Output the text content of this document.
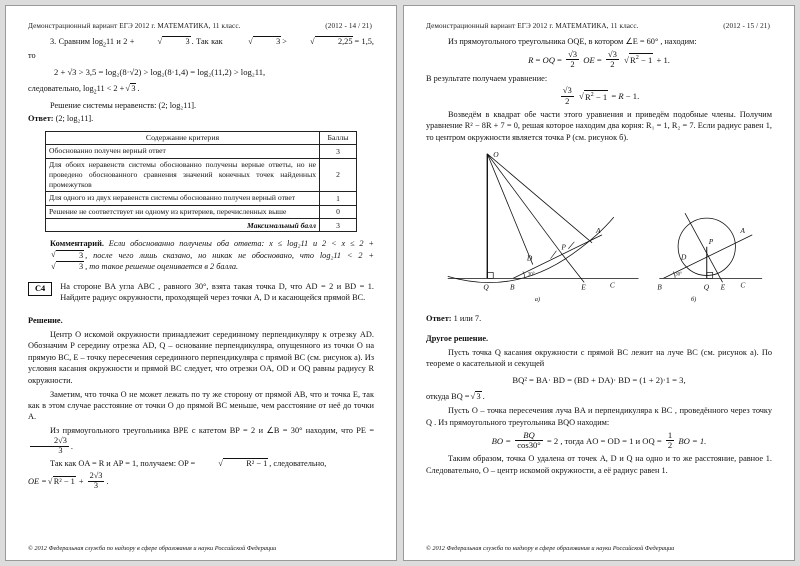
Демонстрационный вариант ЕГЭ 2012 г. МАТЕМАТИКА, 11 класс.	(2012 - 14 / 21)

3. Сравним $\log_211$ и 2 +	√ 3 . Так как	√ 3 >	√ 2,25 = 1,5, то

2 + √3 > 3,5 = log₂(8·√2) > log₂(8·1,4) = log₂(11,2) > log₂11,

следовательно, $\log_211 < 2$ + √ 3 .

Решение системы неравенств: (2; log₂11].

Ответ: (2; log₂11].

Содержание критерия	Баллы
Обоснованно получен верный ответ	3
Для обоих неравенств системы обоснованно получены верные ответы, но не проведено обоснованного сравнения значений конечных точек найденных промежутков	2
Для одного из двух неравенств системы обоснованно получен верный ответ	1
Решение не соответствует ни одному из критериев, перечисленных выше	0
Максимальный балл	3

Комментарий. Если обоснованно получены оба ответа: x ≤ log₂11 и 2 < x ≤ 2 +√ 3 , после чего лишь сказано, но никак не обосновано, что log₂11 < 2 +√ 3 , то такое решение оценивается в 2 балла.

C4	На стороне BA угла ABC , равного 30°, взята такая точка D, что AD = 2 и BD = 1. Найдите радиус окружности, проходящей через точки A, D и касающейся прямой BC.

Решение.

Центр O искомой окружности принадлежит серединному перпендикуляру к отрезку AD. Обозначим P середину отрезка AD, Q – основание перпендикуляра, опущенного из точки O на прямую BC, E – точку пересечения серединного перпендикуляра с прямой BC (см. рисунок а). Из условия касания окружности и прямой BC следует, что отрезки OA, OD и OQ равны радиусу R окружности.

Заметим, что точка O не может лежать по ту же сторону от прямой AB, что и точка E, так как в этом случае расстояние от точки O до прямой BC меньше, чем расстояние от неё до точки A.

Из прямоугольного треугольника BPE с катетом BP = 2 и ∠B = 30° находим, что PE =
$\frac{2√3}{3}$ .

Так как OA = R и AP = 1, получаем: OP =	√ R² − 1 , следовательно,

OE = √ $R^2 - 1 + \frac{2√3}{3}$ .

© 2012 Федеральная служба по надзору в сфере образования и науки Российской Федерации
Демонстрационный вариант ЕГЭ 2012 г. МАТЕМАТИКА, 11 класс.	(2012 - 15 / 21)

Из прямоугольного треугольника OQE, в котором ∠E = 60° , находим:

R = OQ = $\frac{√3}{2}$ OE = $\frac{√3}{2}$ √ $R^2 - 1 + 1$.

В результате получаем уравнение:

$\frac{√3}{2}$ √ $R^2 - 1 = R - 1$.

Возведём в квадрат обе части этого уравнения и приведём подобные члены. Получим уравнение R² − 8R + 7 = 0, решая которое находим два корня: R₁ = 1, R₂ = 7. Если радиус равен 1, то центром окружности является точка P (см. рисунок б).

O
Q	B
D
P
E	C
A
30°
а)
B
D
P
Q E C
A
30°
б)

Ответ: 1 или 7.

Другое решение.

Пусть точка Q касания окружности с прямой BC лежит на луче BC (см. рисунок а). По теореме о касательной и секущей

BQ² = BA· BD = (BD + DA)· BD = (1 + 2)·1 = 3,

откуда BQ = √ 3 .

Пусть O – точка пересечения луча BA и перпендикуляра к BC , проведённого через точку Q . Из прямоугольного треугольника BQO находим:

BO = $\frac{BQ}{\cos 30^\circ} = 2$ , тогда AO = OD = 1 и OQ = $\frac{1}{2}$ BO = 1.

Таким образом, точка O удалена от точек A, D и Q на одно и то же расстояние, равное 1. Следовательно, O – центр искомой окружности, а её радиус равен 1.

© 2012 Федеральная служба по надзору в сфере образования и науки Российской Федерации
